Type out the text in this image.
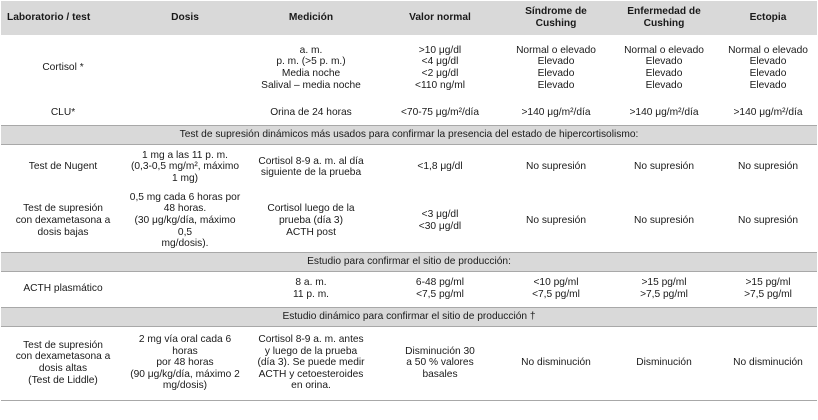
Laboratorio / test	Dosis	Medición	Valor normal	Síndrome de Cushing	Enfermedad de Cushing	Ectopia
Cortisol *		a. m.
p. m. (>5 p. m.)
Media noche
Salival – media noche	>10 μg/dl
<4 μg/dl
<2 μg/dl
<110 ng/ml	Normal o elevado
Elevado
Elevado
Elevado	Normal o elevado
Elevado
Elevado
Elevado	Normal o elevado
Elevado
Elevado
Elevado

CLU*		Orina de 24 horas	<70-75 μg/m²/día	>140 μg/m²/día	>140 μg/m²/día	>140 μg/m²/día
Test de supresión dinámicos más usados para confirmar la presencia del estado de hipercortisolismo:						
Test de Nugent	1 mg a las 11 p. m.
(0,3-0,5 mg/m², máximo
1 mg)	Cortisol 8-9 a. m. al día
siguiente de la prueba	<1,8 μg/dl	No supresión	No supresión	No supresión

Test de supresión
con dexametasona a
dosis bajas	0,5 mg cada 6 horas por
48 horas.
(30 μg/kg/día, máximo 0,5
mg/dosis).	Cortisol luego de la
prueba (día 3)
ACTH post	<3 μg/dl
<30 μg/dl	No supresión	No supresión	No supresión
Estudio para confirmar el sitio de producción:						
ACTH plasmático		8 a. m.
11 p. m.	6-48 pg/ml
<7,5 pg/ml	<10 pg/ml
<7,5 pg/ml	>15 pg/ml
>7,5 pg/ml	>15 pg/ml
>7,5 pg/ml

Estudio dinámico para confirmar el sitio de producción †						

Test de supresión
con dexametasona a
dosis altas
(Test de Liddle)	2 mg vía oral cada 6 horas
por 48 horas
(90 μg/kg/día, máximo 2
mg/dosis)	Cortisol 8-9 a. m. antes
y luego de la prueba
(día 3). Se puede medir
ACTH y cetoesteroides
en orina.	Disminución 30
a 50 % valores
basales	No disminución	Disminución	No disminución
